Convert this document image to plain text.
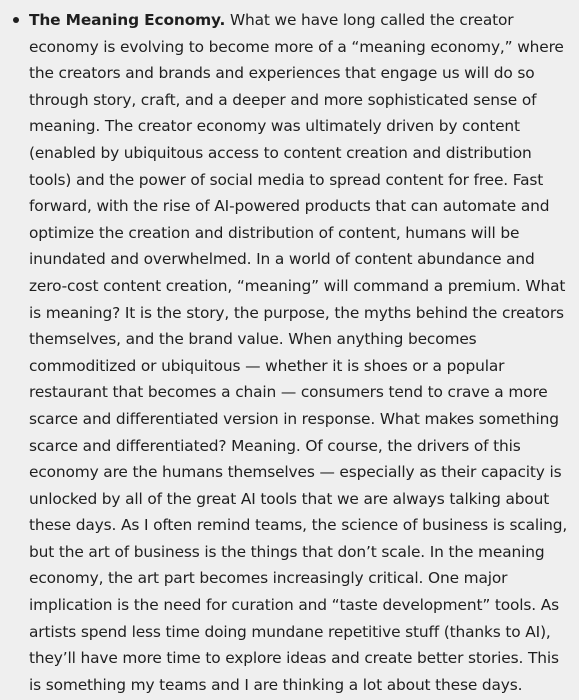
The Meaning Economy. What we have long called the creator economy is evolving to become more of a “meaning economy,” where the creators and brands and experiences that engage us will do so through story, craft, and a deeper and more sophisticated sense of meaning. The creator economy was ultimately driven by content (enabled by ubiquitous access to content creation and distribution tools) and the power of social media to spread content for free. Fast forward, with the rise of AI-powered products that can automate and optimize the creation and distribution of content, humans will be inundated and overwhelmed. In a world of content abundance and zero-cost content creation, “meaning” will command a premium. What is meaning? It is the story, the purpose, the myths behind the creators themselves, and the brand value. When anything becomes commoditized or ubiquitous — whether it is shoes or a popular restaurant that becomes a chain — consumers tend to crave a more scarce and differentiated version in response. What makes something scarce and differentiated? Meaning. Of course, the drivers of this economy are the humans themselves — especially as their capacity is unlocked by all of the great AI tools that we are always talking about these days. As I often remind teams, the science of business is scaling, but the art of business is the things that don’t scale. In the meaning economy, the art part becomes increasingly critical. One major implication is the need for curation and “taste development” tools. As artists spend less time doing mundane repetitive stuff (thanks to AI), they’ll have more time to explore ideas and create better stories. This is something my teams and I are thinking a lot about these days.
